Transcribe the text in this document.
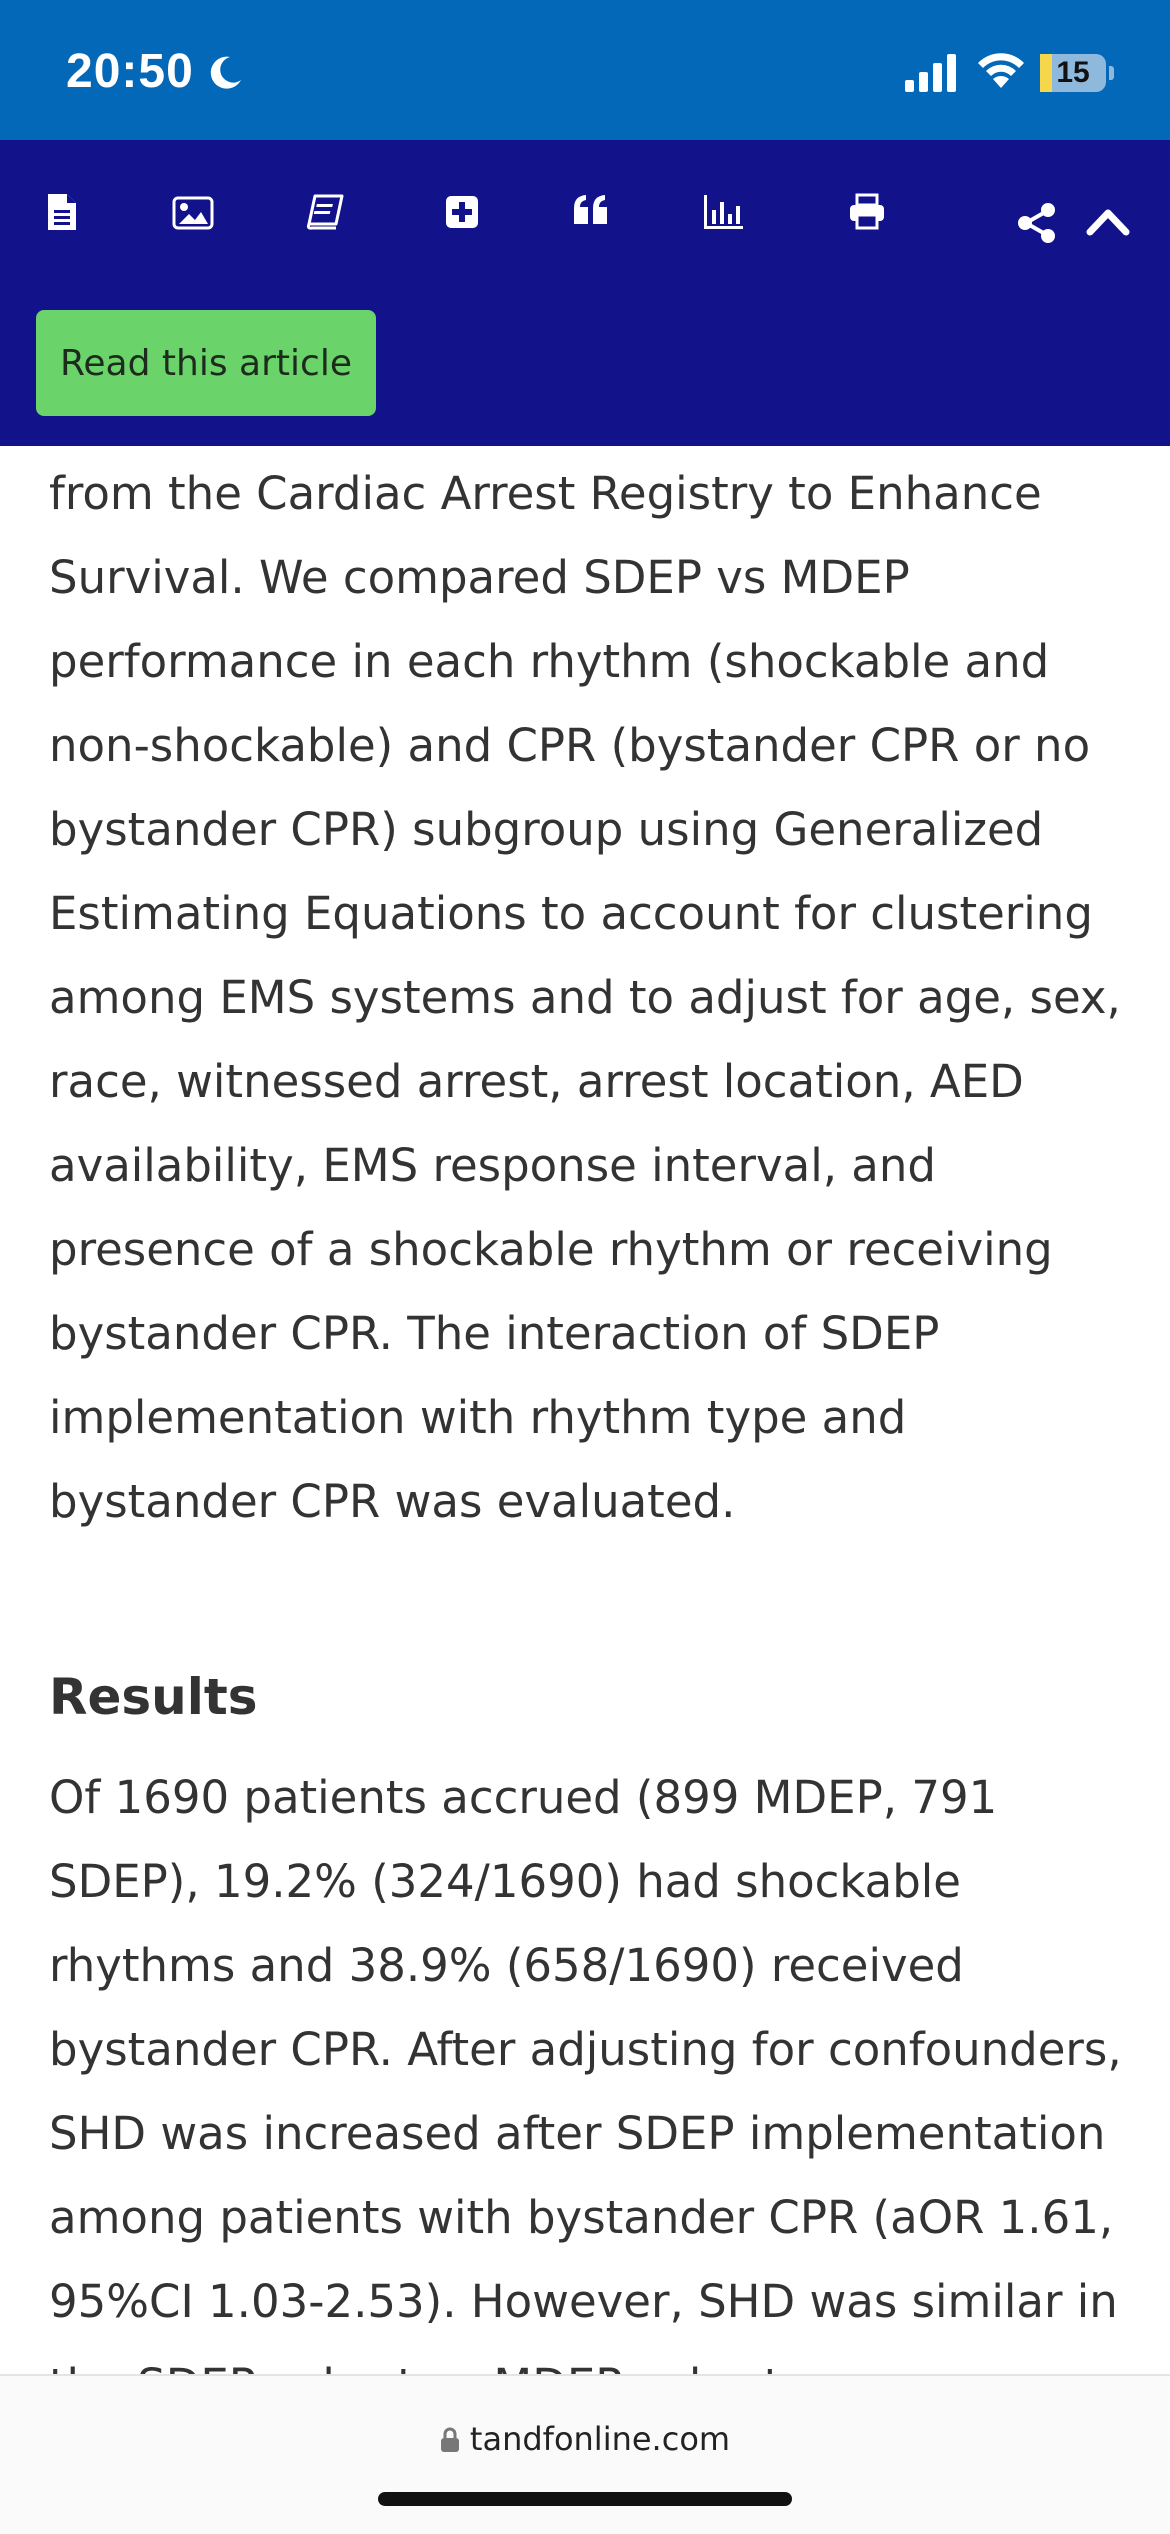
20:50	15
Read this article

from the Cardiac Arrest Registry to Enhance Survival. We compared SDEP vs MDEP performance in each rhythm (shockable and non-shockable) and CPR (bystander CPR or no bystander CPR) subgroup using Generalized Estimating Equations to account for clustering among EMS systems and to adjust for age, sex, race, witnessed arrest, arrest location, AED availability, EMS response interval, and presence of a shockable rhythm or receiving bystander CPR. The interaction of SDEP implementation with rhythm type and bystander CPR was evaluated.

Results

Of 1690 patients accrued (899 MDEP, 791 SDEP), 19.2% (324/1690) had shockable rhythms and 38.9% (658/1690) received bystander CPR. After adjusting for confounders, SHD was increased after SDEP implementation among patients with bystander CPR (aOR 1.61, 95%CI 1.03-2.53). However, SHD was similar in

tandfonline.com
